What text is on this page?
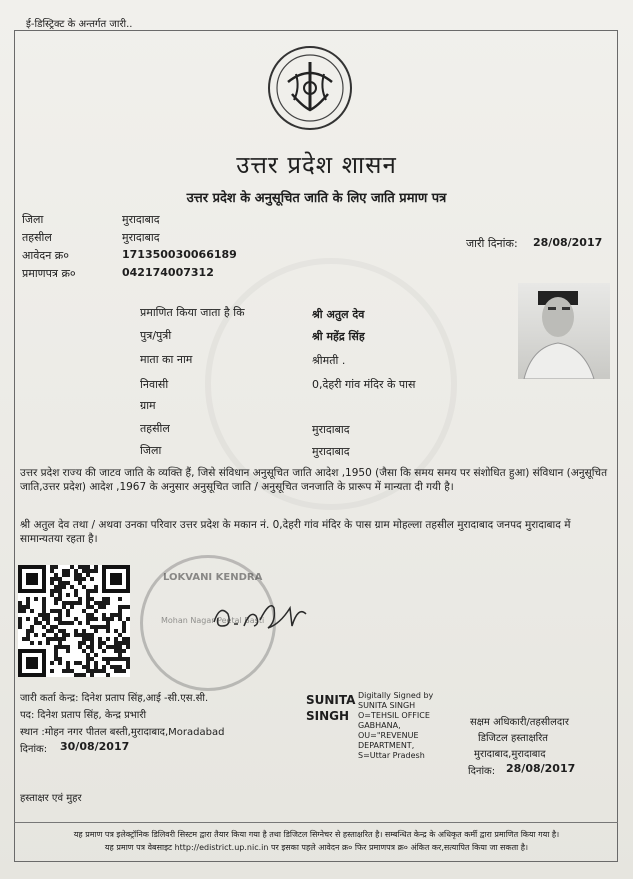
ई-डिस्ट्रिक्ट के अन्तर्गत जारी..
उत्तर प्रदेश शासन
उत्तर प्रदेश के अनुसूचित जाति के लिए जाति प्रमाण पत्र
जिला	मुरादाबाद
तहसील	मुरादाबाद
आवेदन क्र०	171350030066189
प्रमाणपत्र क्र०	042174007312
जारी दिनांक: 28/08/2017
प्रमाणित किया जाता है कि	श्री अतुल देव
पुत्र/पुत्री	श्री महेंद्र सिंह
माता का नाम	श्रीमती .
निवासी	0,देहरी गांव मंदिर के पास
ग्राम
तहसील	मुरादाबाद
जिला	मुरादाबाद
उत्तर प्रदेश राज्य की जाटव जाति के व्यक्ति हैं, जिसे संविधान अनुसूचित जाति आदेश ,1950 (जैसा कि समय समय पर संशोधित हुआ) संविधान (अनुसूचित जाति,उत्तर प्रदेश) आदेश ,1967 के अनुसार अनुसूचित जाति / अनुसूचित जनजाति के प्रारूप में मान्यता दी गयी है।
श्री अतुल देव तथा / अथवा उनका परिवार उत्तर प्रदेश के मकान नं. 0,देहरी गांव मंदिर के पास ग्राम मोहल्ला तहसील मुरादाबाद जनपद मुरादाबाद में सामान्यतया रहता है।
LOKVANI KENDRA
Mohan Nagar Peetal Basti
जारी कर्ता केन्द्र: दिनेश प्रताप सिंह,आई -सी.एस.सी.
पद: दिनेश प्रताप सिंह, केन्द्र प्रभारी
स्थान :मोहन नगर पीतल बस्ती,मुरादाबाद,Moradabad
दिनांक: 30/08/2017
SUNITA
SINGH
Digitally Signed by SUNITA SINGH O=TEHSIL OFFICE GABHANA, OU="REVENUE DEPARTMENT, S=Uttar Pradesh
सक्षम अधिकारी/तहसीलदार
डिजिटल हस्ताक्षरित
मुरादाबाद,मुरादाबाद
दिनांक: 28/08/2017
हस्ताक्षर एवं मुहर
यह प्रमाण पत्र इलेक्ट्रॉनिक डिलिवरी सिस्टम द्वारा तैयार किया गया है तथा डिजिटल सिग्नेचर से हस्ताक्षरित है। सम्बन्धित केन्द्र के अधिकृत कर्मी द्वारा प्रमाणित किया गया है।
यह प्रमाण पत्र वेबसाइट http://edistrict.up.nic.in पर इसका पहले आवेदन क्र० फिर प्रमाणपत्र क्र० अंकित कर,सत्यापित किया जा सकता है।
